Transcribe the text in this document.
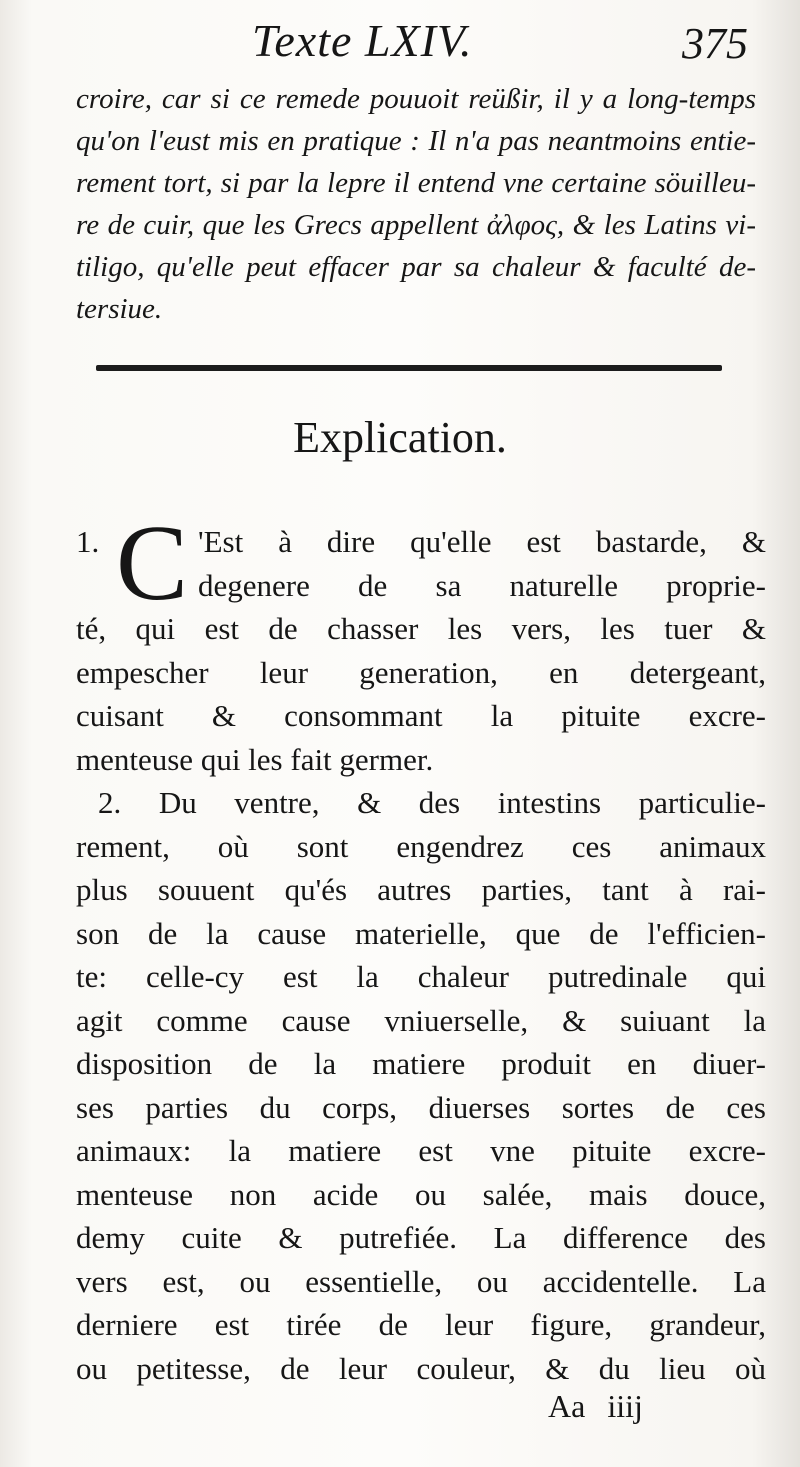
Texte LXIV.	375
croire, car si ce remede pouuoit reüßir, il y a long-temps
qu'on l'eust mis en pratique : Il n'a pas neantmoins entie-
rement tort, si par la lepre il entend vne certaine söuilleu-
re de cuir, que les Grecs appellent ἀλφος, & les Latins vi-
tiligo, qu'elle peut effacer par sa chaleur & faculté de-
tersiue.
Explication.
1. C 'Est à dire qu'elle est bastarde, &
degenere de sa naturelle proprie-
té, qui est de chasser les vers, les tuer &
empescher leur generation, en detergeant,
cuisant & consommant la pituite excre-
menteuse qui les fait germer.
2. Du ventre, & des intestins particulie-
rement, où sont engendrez ces animaux
plus souuent qu'és autres parties, tant à rai-
son de la cause materielle, que de l'efficien-
te: celle-cy est la chaleur putredinale qui
agit comme cause vniuerselle, & suiuant la
disposition de la matiere produit en diuer-
ses parties du corps, diuerses sortes de ces
animaux: la matiere est vne pituite excre-
menteuse non acide ou salée, mais douce,
demy cuite & putrefiée. La difference des
vers est, ou essentielle, ou accidentelle. La
derniere est tirée de leur figure, grandeur,
ou petitesse, de leur couleur, & du lieu où
Aa iiij
